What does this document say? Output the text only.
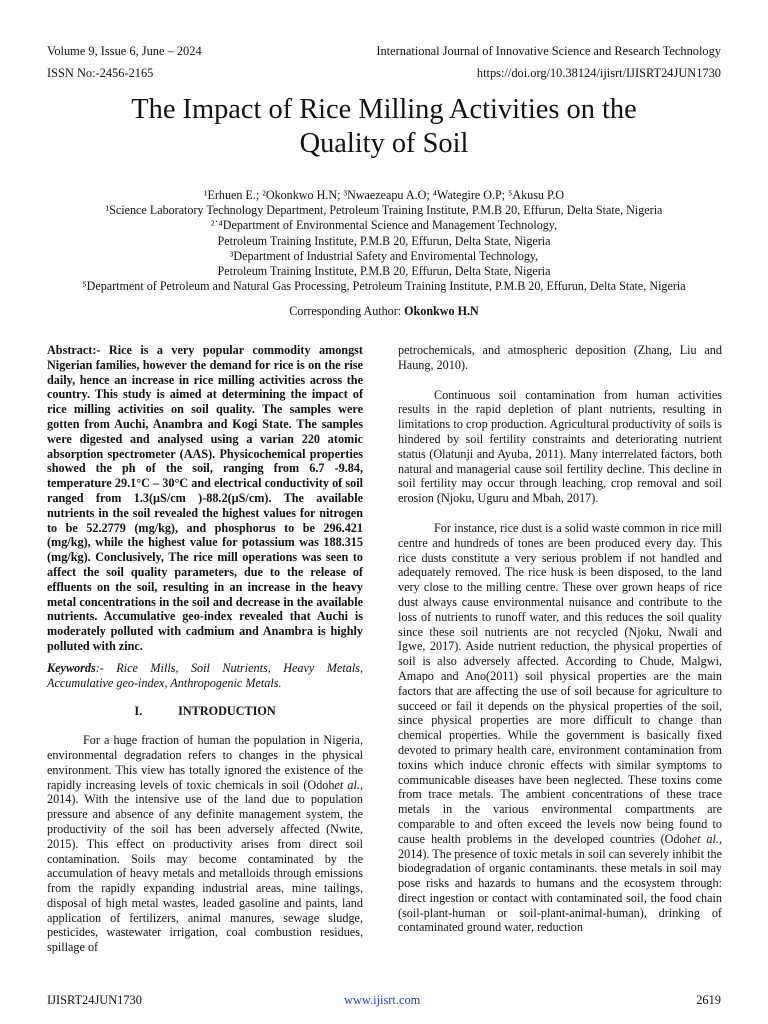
Volume 9, Issue 6, June – 2024	International Journal of Innovative Science and Research Technology
ISSN No:-2456-2165	https://doi.org/10.38124/ijisrt/IJISRT24JUN1730
The Impact of Rice Milling Activities on the
Quality of Soil
¹Erhuen E.; ²Okonkwo H.N; ³Nwaezeapu A.O; ⁴Wategire O.P; ⁵Akusu P.O
¹Science Laboratory Technology Department, Petroleum Training Institute, P.M.B 20, Effurun, Delta State, Nigeria
²˙⁴Department of Environmental Science and Management Technology,
Petroleum Training Institute, P.M.B 20, Effurun, Delta State, Nigeria
³Department of Industrial Safety and Enviromental Technology,
Petroleum Training Institute, P.M.B 20, Effurun, Delta State, Nigeria
⁵Department of Petroleum and Natural Gas Processing, Petroleum Training Institute, P.M.B 20, Effurun, Delta State, Nigeria
Corresponding Author: Okonkwo H.N

Abstract:- Rice is a very popular commodity amongst Nigerian families, however the demand for rice is on the rise daily, hence an increase in rice milling activities across the country. This study is aimed at determining the impact of rice milling activities on soil quality. The samples were gotten from Auchi, Anambra and Kogi State. The samples were digested and analysed using a varian 220 atomic absorption spectrometer (AAS). Physicochemical properties showed the ph of the soil, ranging from 6.7 -9.84, temperature 29.1°C – 30°C and electrical conductivity of soil ranged from 1.3(µS/cm )-88.2(µS/cm). The available nutrients in the soil revealed the highest values for nitrogen to be 52.2779 (mg/kg), and phosphorus to be 296.421 (mg/kg), while the highest value for potassium was 188.315 (mg/kg). Conclusively, The rice mill operations was seen to affect the soil quality parameters, due to the release of effluents on the soil, resulting in an increase in the heavy metal concentrations in the soil and decrease in the available nutrients. Accumulative geo-index revealed that Auchi is moderately polluted with cadmium and Anambra is highly polluted with zinc.

Keywords:- Rice Mills, Soil Nutrients, Heavy Metals, Accumulative geo-index, Anthropogenic Metals.

I.	INTRODUCTION

For a huge fraction of human the population in Nigeria, environmental degradation refers to changes in the physical environment. This view has totally ignored the existence of the rapidly increasing levels of toxic chemicals in soil (Odohet al., 2014). With the intensive use of the land due to population pressure and absence of any definite management system, the productivity of the soil has been adversely affected (Nwite, 2015). This effect on productivity arises from direct soil contamination. Soils may become contaminated by the accumulation of heavy metals and metalloids through emissions from the rapidly expanding industrial areas, mine tailings, disposal of high metal wastes, leaded gasoline and paints, land application of fertilizers, animal manures, sewage sludge, pesticides, wastewater irrigation, coal combustion residues, spillage of

petrochemicals, and atmospheric deposition (Zhang, Liu and Haung, 2010).

Continuous soil contamination from human activities results in the rapid depletion of plant nutrients, resulting in limitations to crop production. Agricultural productivity of soils is hindered by soil fertility constraints and deteriorating nutrient status (Olatunji and Ayuba, 2011). Many interrelated factors, both natural and managerial cause soil fertility decline. This decline in soil fertility may occur through leaching, crop removal and soil erosion (Njoku, Uguru and Mbah, 2017).

For instance, rice dust is a solid waste common in rice mill centre and hundreds of tones are been produced every day. This rice dusts constitute a very serious problem if not handled and adequately removed. The rice husk is been disposed, to the land very close to the milling centre. These over grown heaps of rice dust always cause environmental nuisance and contribute to the loss of nutrients to runoff water, and this reduces the soil quality since these soil nutrients are not recycled (Njoku, Nwali and Igwe, 2017). Aside nutrient reduction, the physical properties of soil is also adversely affected. According to Chude, Malgwi, Amapo and Ano(2011) soil physical properties are the main factors that are affecting the use of soil because for agriculture to succeed or fail it depends on the physical properties of the soil, since physical properties are more difficult to change than chemical properties. While the government is basically fixed devoted to primary health care, environment contamination from toxins which induce chronic effects with similar symptoms to communicable diseases have been neglected. These toxins come from trace metals. The ambient concentrations of these trace metals in the various environmental compartments are comparable to and often exceed the levels now being found to cause health problems in the developed countries (Odohet al., 2014). The presence of toxic metals in soil can severely inhibit the biodegradation of organic contaminants. these metals in soil may pose risks and hazards to humans and the ecosystem through: direct ingestion or contact with contaminated soil, the food chain (soil-plant-human or soil-plant-animal-human), drinking of contaminated ground water, reduction

IJISRT24JUN1730	www.ijisrt.com	2619
